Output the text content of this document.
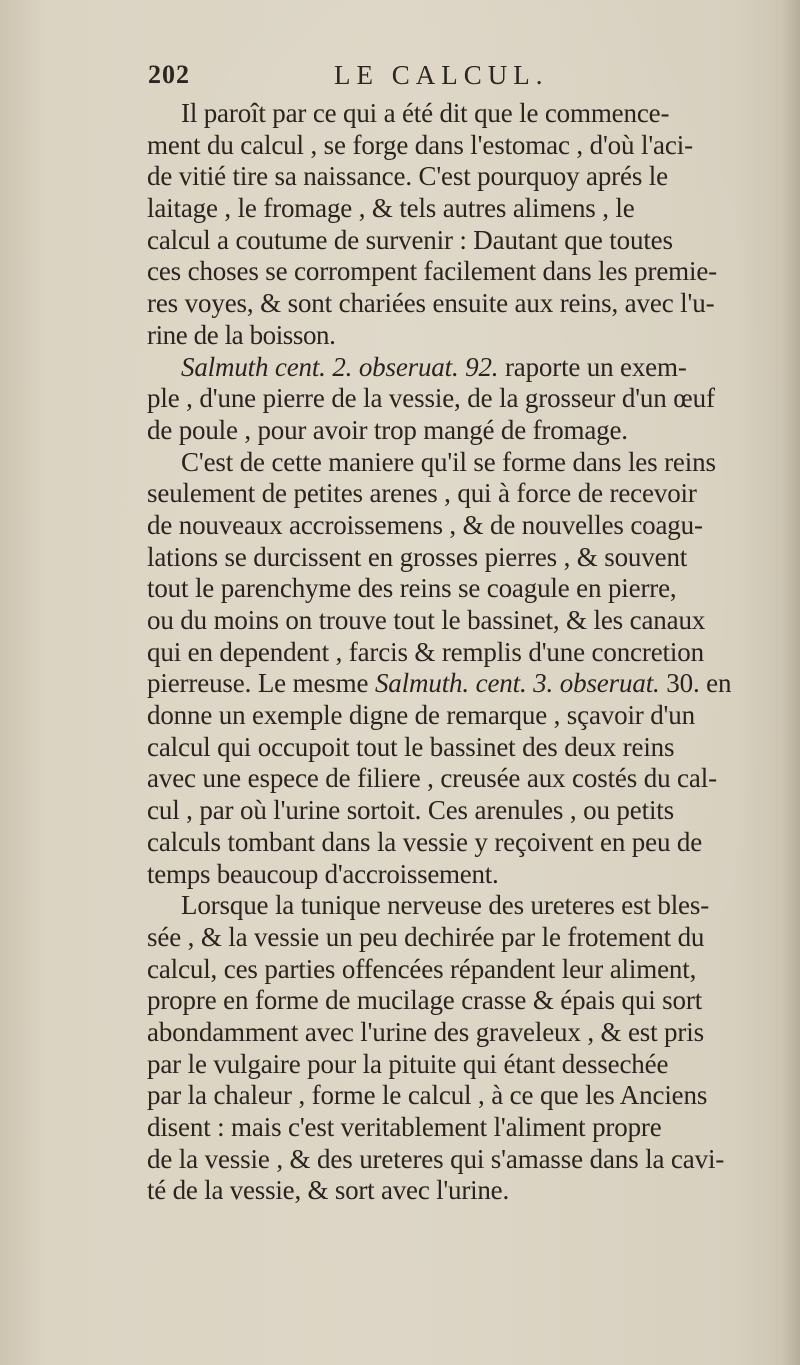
202	LE CALCUL.
Il paroît par ce qui a été dit que le commence-
ment du calcul , se forge dans l'estomac , d'où l'aci-
de vitié tire sa naissance. C'est pourquoy aprés le
laitage , le fromage , & tels autres alimens , le
calcul a coutume de survenir : Dautant que toutes
ces choses se corrompent facilement dans les premie-
res voyes, & sont chariées ensuite aux reins, avec l'u-
rine de la boisson.
Salmuth cent. 2. obseruat. 92. raporte un exem-
ple , d'une pierre de la vessie, de la grosseur d'un œuf
de poule , pour avoir trop mangé de fromage.
C'est de cette maniere qu'il se forme dans les reins
seulement de petites arenes , qui à force de recevoir
de nouveaux accroissemens , & de nouvelles coagu-
lations se durcissent en grosses pierres , & souvent
tout le parenchyme des reins se coagule en pierre,
ou du moins on trouve tout le bassinet, & les canaux
qui en dependent , farcis & remplis d'une concretion
pierreuse. Le mesme Salmuth. cent. 3. obseruat. 30. en
donne un exemple digne de remarque , sçavoir d'un
calcul qui occupoit tout le bassinet des deux reins
avec une espece de filiere , creusée aux costés du cal-
cul , par où l'urine sortoit. Ces arenules , ou petits
calculs tombant dans la vessie y reçoivent en peu de
temps beaucoup d'accroissement.
Lorsque la tunique nerveuse des ureteres est bles-
sée , & la vessie un peu dechirée par le frotement du
calcul, ces parties offencées répandent leur aliment,
propre en forme de mucilage crasse & épais qui sort
abondamment avec l'urine des graveleux , & est pris
par le vulgaire pour la pituite qui étant dessechée
par la chaleur , forme le calcul , à ce que les Anciens
disent : mais c'est veritablement l'aliment propre
de la vessie , & des ureteres qui s'amasse dans la cavi-
té de la vessie, & sort avec l'urine.
